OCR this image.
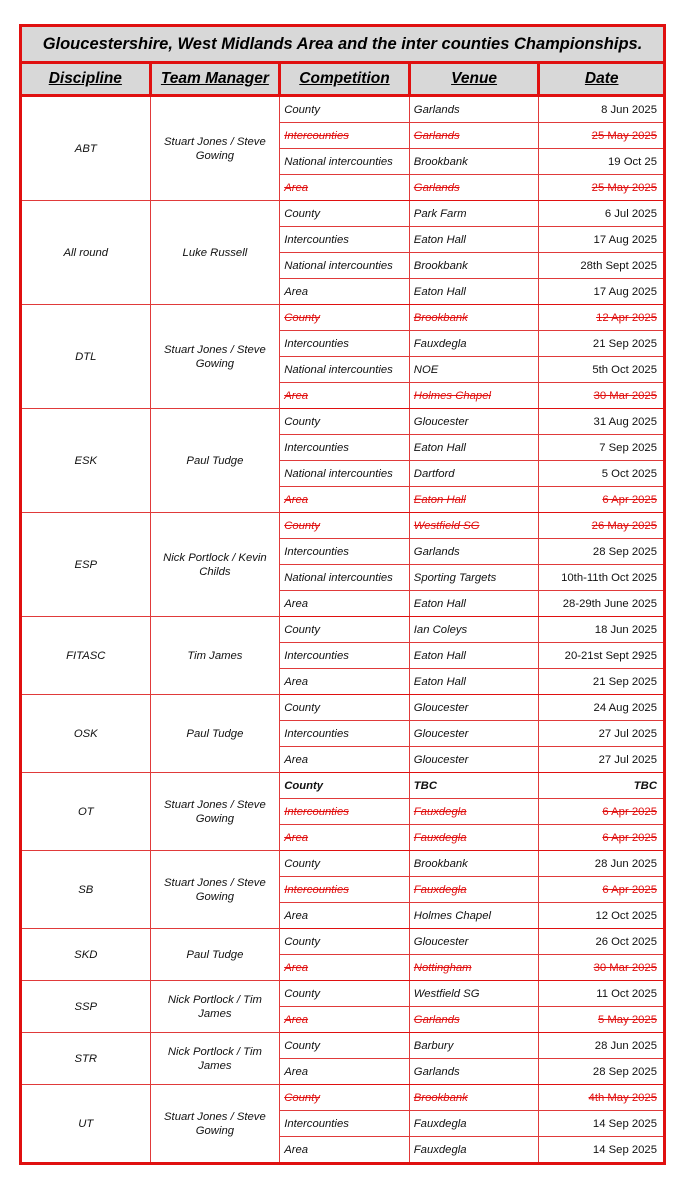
Gloucestershire, West Midlands Area and the inter counties Championships.				
Discipline	Team Manager	Competition	Venue	Date
ABT	Stuart Jones / Steve Gowing	County	Garlands	8 Jun 2025
		Intercounties	Garlands	25 May 2025
		National intercounties	Brookbank	19 Oct 25
		Area	Garlands	25 May 2025
All round	Luke Russell	County	Park Farm	6 Jul 2025
		Intercounties	Eaton Hall	17 Aug 2025
		National intercounties	Brookbank	28th Sept 2025
		Area	Eaton Hall	17 Aug 2025
DTL	Stuart Jones / Steve Gowing	County	Brookbank	12 Apr 2025
		Intercounties	Fauxdegla	21 Sep 2025
		National intercounties	NOE	5th Oct 2025
		Area	Holmes Chapel	30 Mar 2025
ESK	Paul Tudge	County	Gloucester	31 Aug 2025
		Intercounties	Eaton Hall	7 Sep 2025
		National intercounties	Dartford	5 Oct 2025
		Area	Eaton Hall	6 Apr 2025
ESP	Nick Portlock / Kevin Childs	County	Westfield SG	26 May 2025
		Intercounties	Garlands	28 Sep 2025
		National intercounties	Sporting Targets	10th-11th Oct 2025
		Area	Eaton Hall	28-29th June 2025
FITASC	Tim James	County	Ian Coleys	18 Jun 2025
		Intercounties	Eaton Hall	20-21st Sept 2925
		Area	Eaton Hall	21 Sep 2025
OSK	Paul Tudge	County	Gloucester	24 Aug 2025
		Intercounties	Gloucester	27 Jul 2025
		Area	Gloucester	27 Jul 2025
OT	Stuart Jones / Steve Gowing	County	TBC	TBC
		Intercounties	Fauxdegla	6 Apr 2025
		Area	Fauxdegla	6 Apr 2025
SB	Stuart Jones / Steve Gowing	County	Brookbank	28 Jun 2025
		Intercounties	Fauxdegla	6 Apr 2025
		Area	Holmes Chapel	12 Oct 2025
SKD	Paul Tudge	County	Gloucester	26 Oct 2025
		Area	Nottingham	30 Mar 2025
SSP	Nick Portlock / Tim James	County	Westfield SG	11 Oct 2025
		Area	Garlands	5 May 2025
STR	Nick Portlock / Tim James	County	Barbury	28 Jun 2025
		Area	Garlands	28 Sep 2025
UT	Stuart Jones / Steve Gowing	County	Brookbank	4th May 2025
		Intercounties	Fauxdegla	14 Sep 2025
		Area	Fauxdegla	14 Sep 2025
